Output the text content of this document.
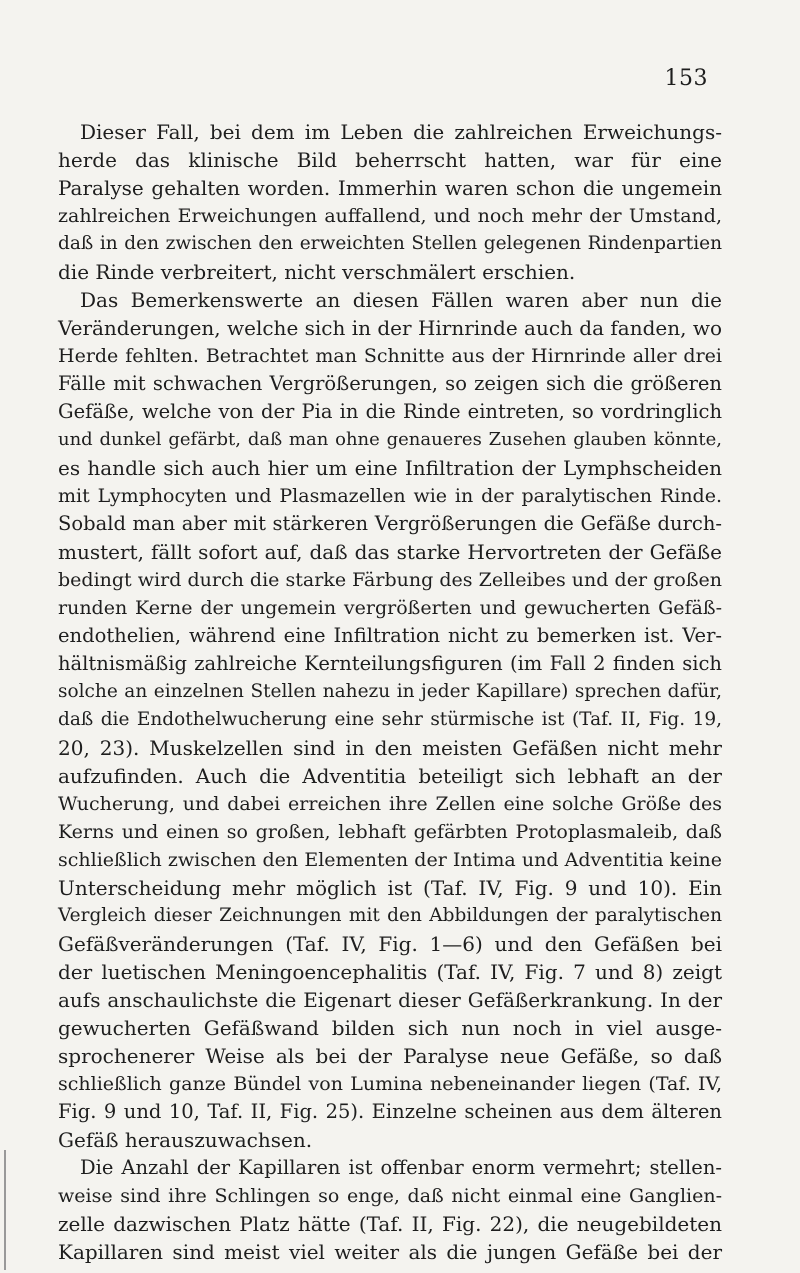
153
Dieser Fall, bei dem im Leben die zahlreichen Erweichungs-
herde das klinische Bild beherrscht hatten, war für eine
Paralyse gehalten worden. Immerhin waren schon die ungemein
zahlreichen Erweichungen auffallend, und noch mehr der Umstand,
daß in den zwischen den erweichten Stellen gelegenen Rindenpartien
die Rinde verbreitert, nicht verschmälert erschien.
Das Bemerkenswerte an diesen Fällen waren aber nun die
Veränderungen, welche sich in der Hirnrinde auch da fanden, wo
Herde fehlten. Betrachtet man Schnitte aus der Hirnrinde aller drei
Fälle mit schwachen Vergrößerungen, so zeigen sich die größeren
Gefäße, welche von der Pia in die Rinde eintreten, so vordringlich
und dunkel gefärbt, daß man ohne genaueres Zusehen glauben könnte,
es handle sich auch hier um eine Infiltration der Lymphscheiden
mit Lymphocyten und Plasmazellen wie in der paralytischen Rinde.
Sobald man aber mit stärkeren Vergrößerungen die Gefäße durch-
mustert, fällt sofort auf, daß das starke Hervortreten der Gefäße
bedingt wird durch die starke Färbung des Zelleibes und der großen
runden Kerne der ungemein vergrößerten und gewucherten Gefäß-
endothelien, während eine Infiltration nicht zu bemerken ist. Ver-
hältnismäßig zahlreiche Kernteilungsfiguren (im Fall 2 finden sich
solche an einzelnen Stellen nahezu in jeder Kapillare) sprechen dafür,
daß die Endothelwucherung eine sehr stürmische ist (Taf. II, Fig. 19,
20, 23). Muskelzellen sind in den meisten Gefäßen nicht mehr
aufzufinden. Auch die Adventitia beteiligt sich lebhaft an der
Wucherung, und dabei erreichen ihre Zellen eine solche Größe des
Kerns und einen so großen, lebhaft gefärbten Protoplasmaleib, daß
schließlich zwischen den Elementen der Intima und Adventitia keine
Unterscheidung mehr möglich ist (Taf. IV, Fig. 9 und 10). Ein
Vergleich dieser Zeichnungen mit den Abbildungen der paralytischen
Gefäßveränderungen (Taf. IV, Fig. 1—6) und den Gefäßen bei
der luetischen Meningoencephalitis (Taf. IV, Fig. 7 und 8) zeigt
aufs anschaulichste die Eigenart dieser Gefäßerkrankung. In der
gewucherten Gefäßwand bilden sich nun noch in viel ausge-
sprochenerer Weise als bei der Paralyse neue Gefäße, so daß
schließlich ganze Bündel von Lumina nebeneinander liegen (Taf. IV,
Fig. 9 und 10, Taf. II, Fig. 25). Einzelne scheinen aus dem älteren
Gefäß herauszuwachsen.
Die Anzahl der Kapillaren ist offenbar enorm vermehrt; stellen-
weise sind ihre Schlingen so enge, daß nicht einmal eine Ganglien-
zelle dazwischen Platz hätte (Taf. II, Fig. 22), die neugebildeten
Kapillaren sind meist viel weiter als die jungen Gefäße bei der
